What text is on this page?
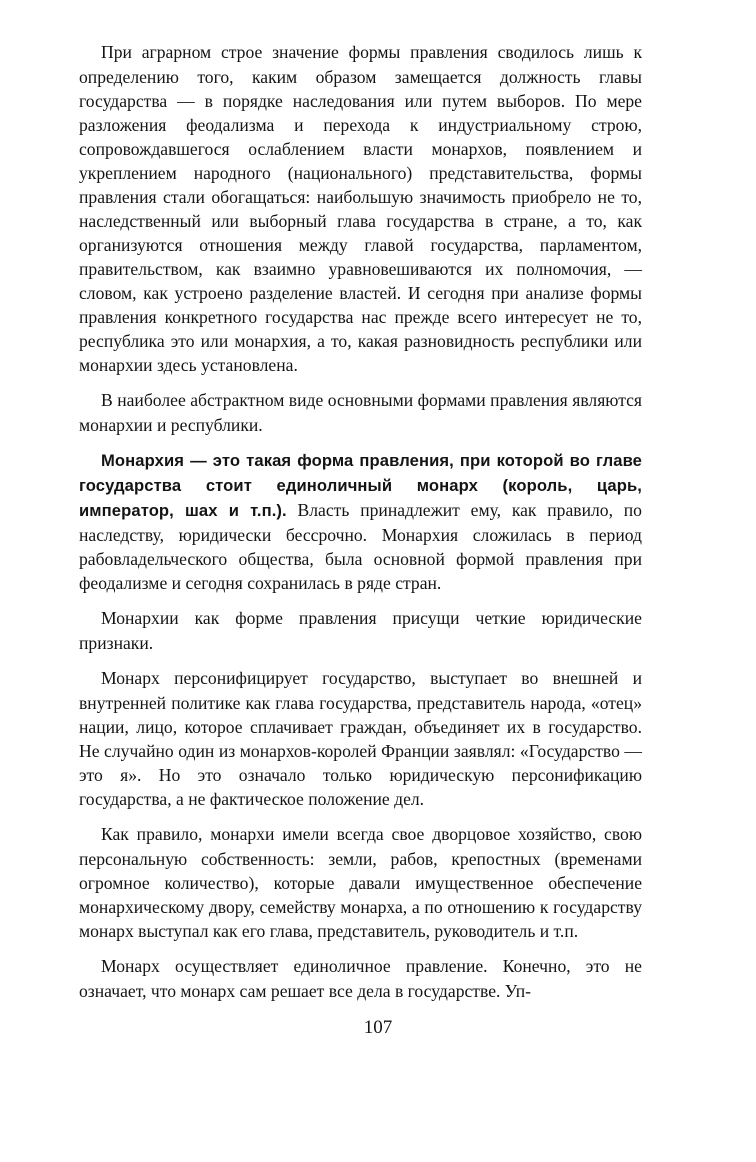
При аграрном строе значение формы правления сводилось лишь к определению того, каким образом замещается должность главы государства — в порядке наследования или путем выборов. По мере разложения феодализма и перехода к индустриальному строю, сопровождавшегося ослаблением власти монархов, появлением и укреплением народного (национального) представительства, формы правления стали обогащаться: наибольшую значимость приобрело не то, наследственный или выборный глава государства в стране, а то, как организуются отношения между главой государства, парламентом, правительством, как взаимно уравновешиваются их полномочия, — словом, как устроено разделение властей. И сегодня при анализе формы правления конкретного государства нас прежде всего интересует не то, республика это или монархия, а то, какая разновидность республики или монархии здесь установлена.

В наиболее абстрактном виде основными формами правления являются монархии и республики.

Монархия — это такая форма правления, при которой во главе государства стоит единоличный монарх (король, царь, император, шах и т.п.). Власть принадлежит ему, как правило, по наследству, юридически бессрочно. Монархия сложилась в период рабовладельческого общества, была основной формой правления при феодализме и сегодня сохранилась в ряде стран.

Монархии как форме правления присущи четкие юридические признаки.

Монарх персонифицирует государство, выступает во внешней и внутренней политике как глава государства, представитель народа, «отец» нации, лицо, которое сплачивает граждан, объединяет их в государство. Не случайно один из монархов-королей Франции заявлял: «Государство — это я». Но это означало только юридическую персонификацию государства, а не фактическое положение дел.

Как правило, монархи имели всегда свое дворцовое хозяйство, свою персональную собственность: земли, рабов, крепостных (временами огромное количество), которые давали имущественное обеспечение монархическому двору, семейству монарха, а по отношению к государству монарх выступал как его глава, представитель, руководитель и т.п.

Монарх осуществляет единоличное правление. Конечно, это не означает, что монарх сам решает все дела в государстве. Уп-

107
